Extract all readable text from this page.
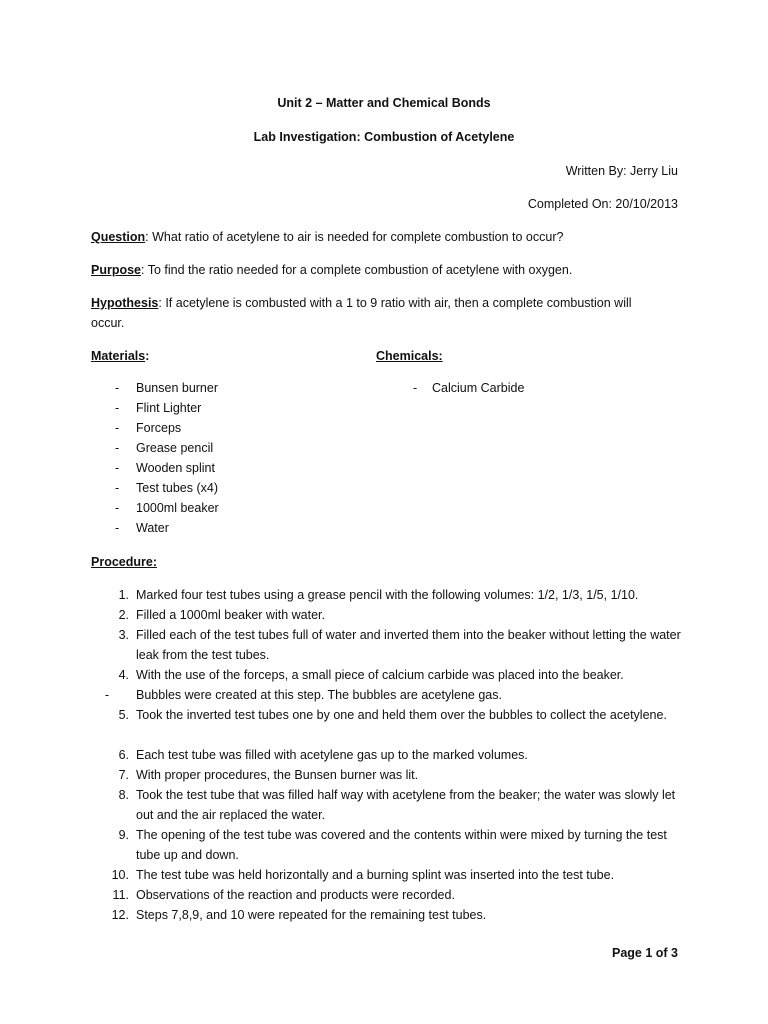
Unit 2 – Matter and Chemical Bonds
Lab Investigation: Combustion of Acetylene
Written By: Jerry Liu
Completed On: 20/10/2013
Question: What ratio of acetylene to air is needed for complete combustion to occur?
Purpose: To find the ratio needed for a complete combustion of acetylene with oxygen.
Hypothesis: If acetylene is combusted with a 1 to 9 ratio with air, then a complete combustion will
occur.
Materials:	Chemicals:
- Bunsen burner
- Flint Lighter
- Forceps
- Grease pencil
- Wooden splint
- Test tubes (x4)
- 1000ml beaker
- Water
- Calcium Carbide
Procedure:
1. Marked four test tubes using a grease pencil with the following volumes: 1/2, 1/3, 1/5, 1/10.
2. Filled a 1000ml beaker with water.
3. Filled each of the test tubes full of water and inverted them into the beaker without letting the water leak from the test tubes.
4. With the use of the forceps, a small piece of calcium carbide was placed into the beaker.
-	Bubbles were created at this step. The bubbles are acetylene gas.
5. Took the inverted test tubes one by one and held them over the bubbles to collect the acetylene.
6. Each test tube was filled with acetylene gas up to the marked volumes.
7. With proper procedures, the Bunsen burner was lit.
8. Took the test tube that was filled half way with acetylene from the beaker; the water was slowly let out and the air replaced the water.
9. The opening of the test tube was covered and the contents within were mixed by turning the test tube up and down.
10. The test tube was held horizontally and a burning splint was inserted into the test tube.
11. Observations of the reaction and products were recorded.
12. Steps 7,8,9, and 10 were repeated for the remaining test tubes.
Page 1 of 3
